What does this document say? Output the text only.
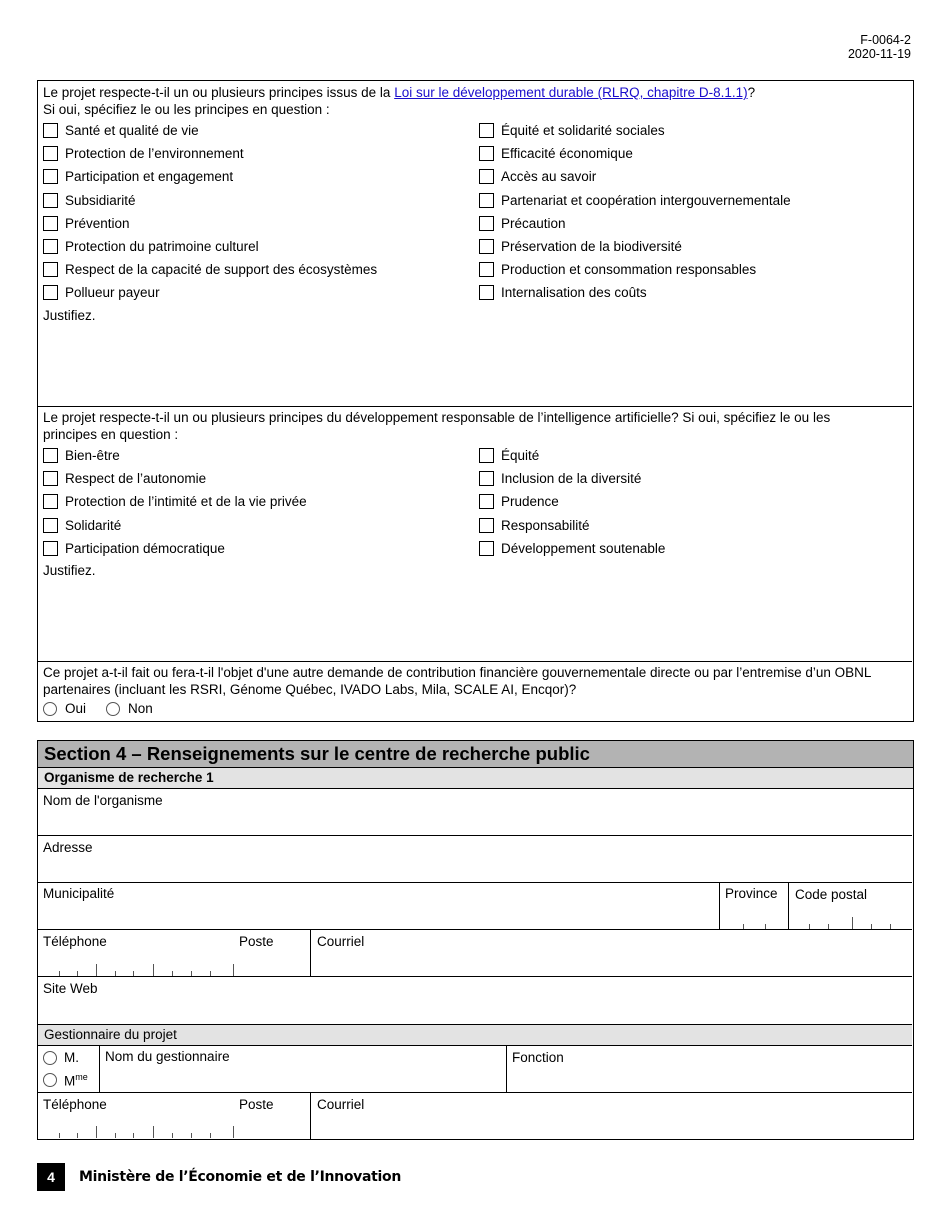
F-0064-2
2020-11-19
Le projet respecte-t-il un ou plusieurs principes issus de la Loi sur le développement durable (RLRQ, chapitre D-8.1.1)?
Si oui, spécifiez le ou les principes en question :
Santé et qualité de vie
Protection de l’environnement
Participation et engagement
Subsidiarité
Prévention
Protection du patrimoine culturel
Respect de la capacité de support des écosystèmes
Pollueur payeur
Équité et solidarité sociales
Efficacité économique
Accès au savoir
Partenariat et coopération intergouvernementale
Précaution
Préservation de la biodiversité
Production et consommation responsables
Internalisation des coûts
Justifiez.
Le projet respecte-t-il un ou plusieurs principes du développement responsable de l’intelligence artificielle? Si oui, spécifiez le ou les principes en question :
Bien-être
Respect de l’autonomie
Protection de l’intimité et de la vie privée
Solidarité
Participation démocratique
Équité
Inclusion de la diversité
Prudence
Responsabilité
Développement soutenable
Justifiez.
Ce projet a-t-il fait ou fera-t-il l'objet d'une autre demande de contribution financière gouvernementale directe ou par l’entremise d’un OBNL partenaires (incluant les RSRI, Génome Québec, IVADO Labs, Mila, SCALE AI, Encqor)?
Oui	Non
Section 4 – Renseignements sur le centre de recherche public
Organisme de recherche 1
Nom de l'organisme
Adresse
Municipalité	Province Code postal
Téléphone	Poste	Courriel
Site Web
Gestionnaire du projet
M.
$M^{me}$
Nom du gestionnaire	Fonction
Téléphone	Poste	Courriel
4	Ministère de l’Économie et de l’Innovation
